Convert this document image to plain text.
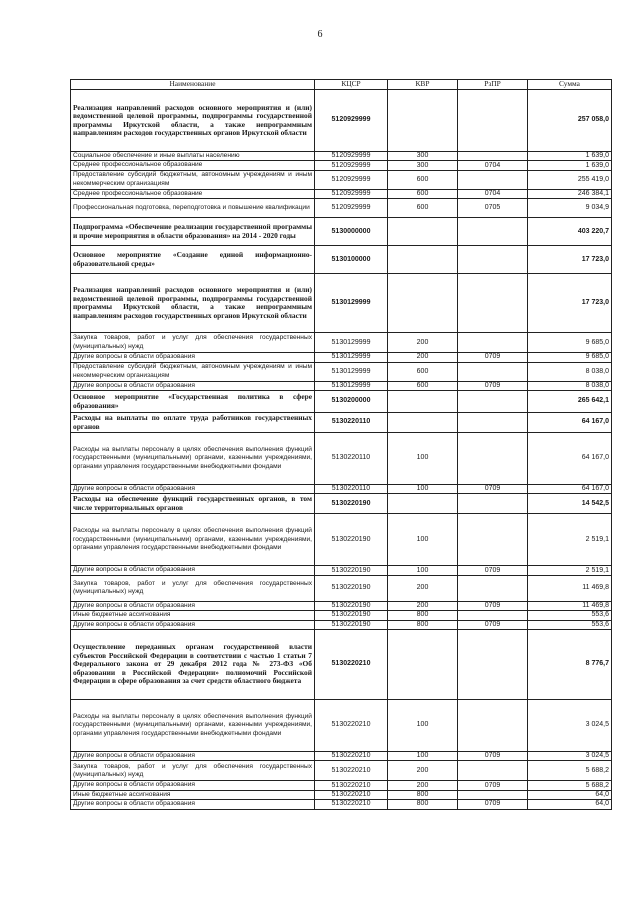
6
Наименование	КЦСР	КВР	РзПР	Сумма
Реализация направлений расходов основного мероприятия и (или) ведомственной целевой программы, подпрограммы государственной программы Иркутской области, а также непрограммным направлениям расходов государственных органов Иркутской области	5120929999			257 058,0
Социальное обеспечение и иные выплаты населению	5120929999	300		1 639,0
Среднее профессиональное образование	5120929999	300	0704	1 639,0
Предоставление субсидий бюджетным, автономным учреждениям и иным некоммерческим организациям	5120929999	600		255 419,0
Среднее профессиональное образование	5120929999	600	0704	246 384,1
Профессиональная подготовка, переподготовка и повышение квалификации	5120929999	600	0705	9 034,9
Подпрограмма «Обеспечение реализации государственной программы и прочие мероприятия в области образования» на 2014 - 2020 годы	5130000000			403 220,7
Основное мероприятие «Создание единой информационно-образовательной среды»	5130100000			17 723,0
Реализация направлений расходов основного мероприятия и (или) ведомственной целевой программы, подпрограммы государственной программы Иркутской области, а также непрограммным направлениям расходов государственных органов Иркутской области	5130129999			17 723,0
Закупка товаров, работ и услуг для обеспечения государственных (муниципальных) нужд	5130129999	200		9 685,0
Другие вопросы в области образования	5130129999	200	0709	9 685,0
Предоставление субсидий бюджетным, автономным учреждениям и иным некоммерческим организациям	5130129999	600		8 038,0
Другие вопросы в области образования	5130129999	600	0709	8 038,0
Основное мероприятие «Государственная политика в сфере образования»	5130200000			265 642,1
Расходы на выплаты по оплате труда работников государственных органов	5130220110			64 167,0
Расходы на выплаты персоналу в целях обеспечения выполнения функций государственными (муниципальными) органами, казенными учреждениями, органами управления государственными внебюджетными фондами	5130220110	100		64 167,0
Другие вопросы в области образования	5130220110	100	0709	64 167,0
Расходы на обеспечение функций государственных органов, в том числе территориальных органов	5130220190			14 542,5
Расходы на выплаты персоналу в целях обеспечения выполнения функций государственными (муниципальными) органами, казенными учреждениями, органами управления государственными внебюджетными фондами	5130220190	100		2 519,1
Другие вопросы в области образования	5130220190	100	0709	2 519,1
Закупка товаров, работ и услуг для обеспечения государственных (муниципальных) нужд	5130220190	200		11 469,8
Другие вопросы в области образования	5130220190	200	0709	11 469,8
Иные бюджетные ассигнования	5130220190	800		553,6
Другие вопросы в области образования	5130220190	800	0709	553,6
Осуществление переданных органам государственной власти субъектов Российской Федерации в соответствии с частью 1 статьи 7 Федерального закона от 29 декабря 2012 года № 273-ФЗ «Об образовании в Российской Федерации» полномочий Российской Федерации в сфере образования за счет средств областного бюджета	5130220210			8 776,7
Расходы на выплаты персоналу в целях обеспечения выполнения функций государственными (муниципальными) органами, казенными учреждениями, органами управления государственными внебюджетными фондами	5130220210	100		3 024,5
Другие вопросы в области образования	5130220210	100	0709	3 024,5
Закупка товаров, работ и услуг для обеспечения государственных (муниципальных) нужд	5130220210	200		5 688,2
Другие вопросы в области образования	5130220210	200	0709	5 688,2
Иные бюджетные ассигнования	5130220210	800		64,0
Другие вопросы в области образования	5130220210	800	0709	64,0
